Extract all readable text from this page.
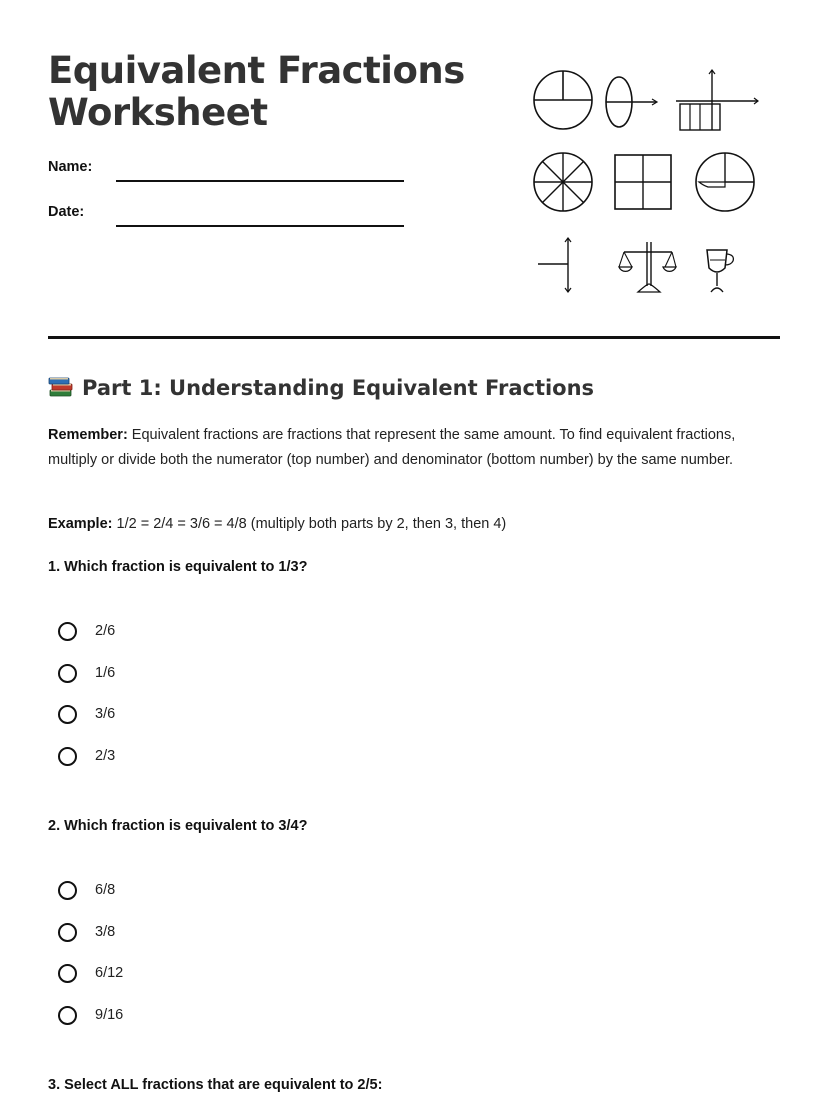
Equivalent Fractions
Worksheet
Name:
Date:
Part 1: Understanding Equivalent Fractions

Remember: Equivalent fractions are fractions that represent the same amount. To find equivalent fractions, multiply or divide both the numerator (top number) and denominator (bottom number) by the same number.

Example: 1/2 = 2/4 = 3/6 = 4/8 (multiply both parts by 2, then 3, then 4)

1. Which fraction is equivalent to 1/3?

2/6
1/6
3/6
2/3

2. Which fraction is equivalent to 3/4?

6/8
3/8
6/12
9/16

3. Select ALL fractions that are equivalent to 2/5:
